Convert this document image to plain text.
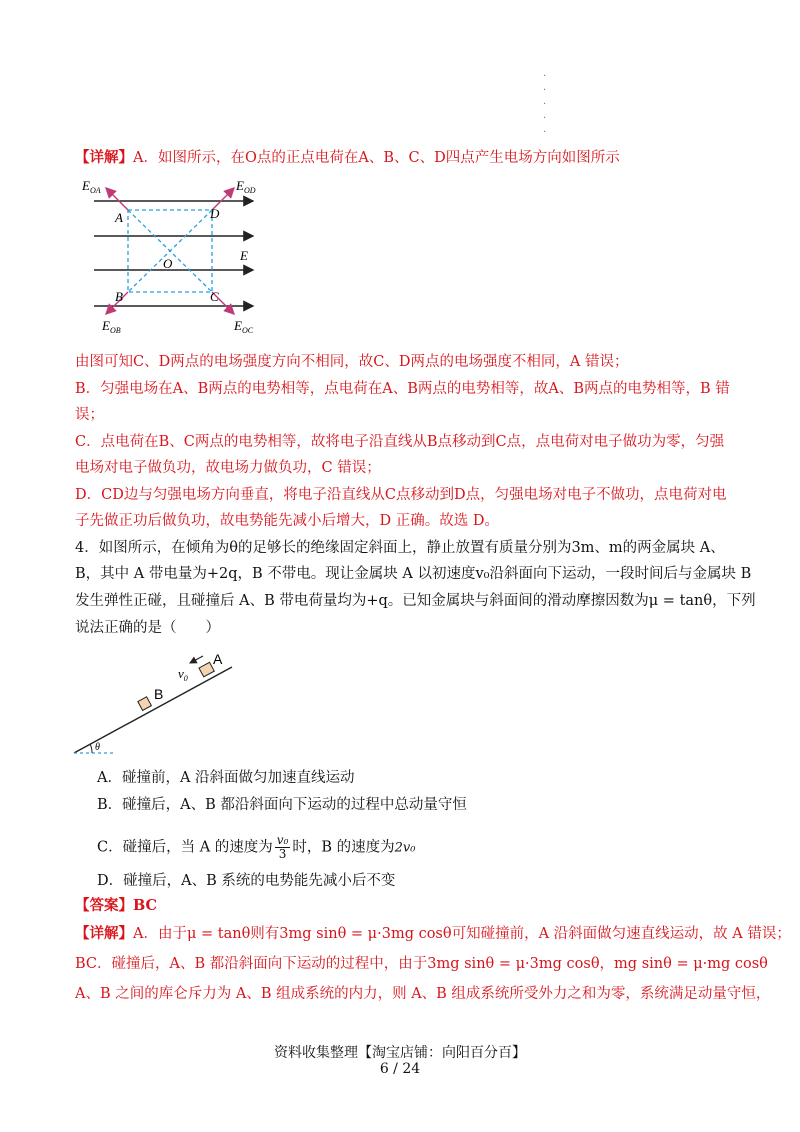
·
·
·
·
·
【详解】A．如图所示，在O点的正点电荷在A、B、C、D四点产生电场方向如图所示
$E_{OA}$	$E_{OD}$
$E_{OB}$	$E_{OC}$
E
A	D
O
B	C
由图可知C、D两点的电场强度方向不相同，故C、D两点的电场强度不相同，A 错误；
B．匀强电场在A、B两点的电势相等，点电荷在A、B两点的电势相等，故A、B两点的电势相等，B 错
误；
C．点电荷在B、C两点的电势相等，故将电子沿直线从B点移动到C点，点电荷对电子做功为零，匀强
电场对电子做负功，故电场力做负功，C 错误；
D．CD边与匀强电场方向垂直，将电子沿直线从C点移动到D点，匀强电场对电子不做功，点电荷对电
子先做正功后做负功，故电势能先减小后增大，D 正确。故选 D。
4．如图所示，在倾角为θ的足够长的绝缘固定斜面上，静止放置有质量分别为3m、m的两金属块 A、
B，其中 A 带电量为+2q，B 不带电。现让金属块 A 以初速度v₀沿斜面向下运动，一段时间后与金属块 B
发生弹性正碰，且碰撞后 A、B 带电荷量均为+q。已知金属块与斜面间的滑动摩擦因数为μ = tanθ，下列
说法正确的是（　　）
θ
B
A
$v_0$
A．碰撞前，A 沿斜面做匀加速直线运动
B．碰撞后，A、B 都沿斜面向下运动的过程中总动量守恒
C．碰撞后，当 A 的速度为 $\frac{\text{v₀}}{3}$ 时，B 的速度为2v₀
D．碰撞后，A、B 系统的电势能先减小后不变
【答案】BC
【详解】A．由于μ = tanθ则有3mg sinθ = μ·3mg cosθ可知碰撞前，A 沿斜面做匀速直线运动，故 A 错误；
BC．碰撞后，A、B 都沿斜面向下运动的过程中，由于3mg sinθ = μ·3mg cosθ，mg sinθ = μ·mg cosθ
A、B 之间的库仑斥力为 A、B 组成系统的内力，则 A、B 组成系统所受外力之和为零，系统满足动量守恒，
资料收集整理【淘宝店铺：向阳百分百】
6 / 24
